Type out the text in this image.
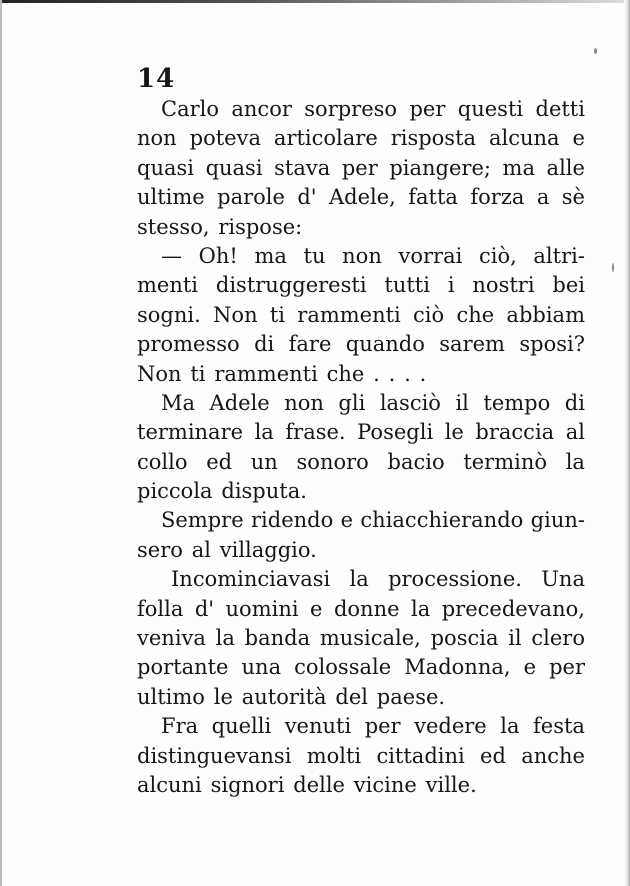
14
Carlo ancor sorpreso per questi detti
non poteva articolare risposta alcuna e
quasi quasi stava per piangere; ma alle
ultime parole d' Adele, fatta forza a sè
stesso, rispose:
— Oh! ma tu non vorrai ciò, altri-
menti distruggeresti tutti i nostri bei
sogni. Non ti rammenti ciò che abbiam
promesso di fare quando sarem sposi?
Non ti rammenti che . . . .
Ma Adele non gli lasciò il tempo di
terminare la frase. Posegli le braccia al
collo ed un sonoro bacio terminò la
piccola disputa.
Sempre ridendo e chiacchierando giun-
sero al villaggio.
Incominciavasi la processione. Una
folla d' uomini e donne la precedevano,
veniva la banda musicale, poscia il clero
portante una colossale Madonna, e per
ultimo le autorità del paese.
Fra quelli venuti per vedere la festa
distinguevansi molti cittadini ed anche
alcuni signori delle vicine ville.
